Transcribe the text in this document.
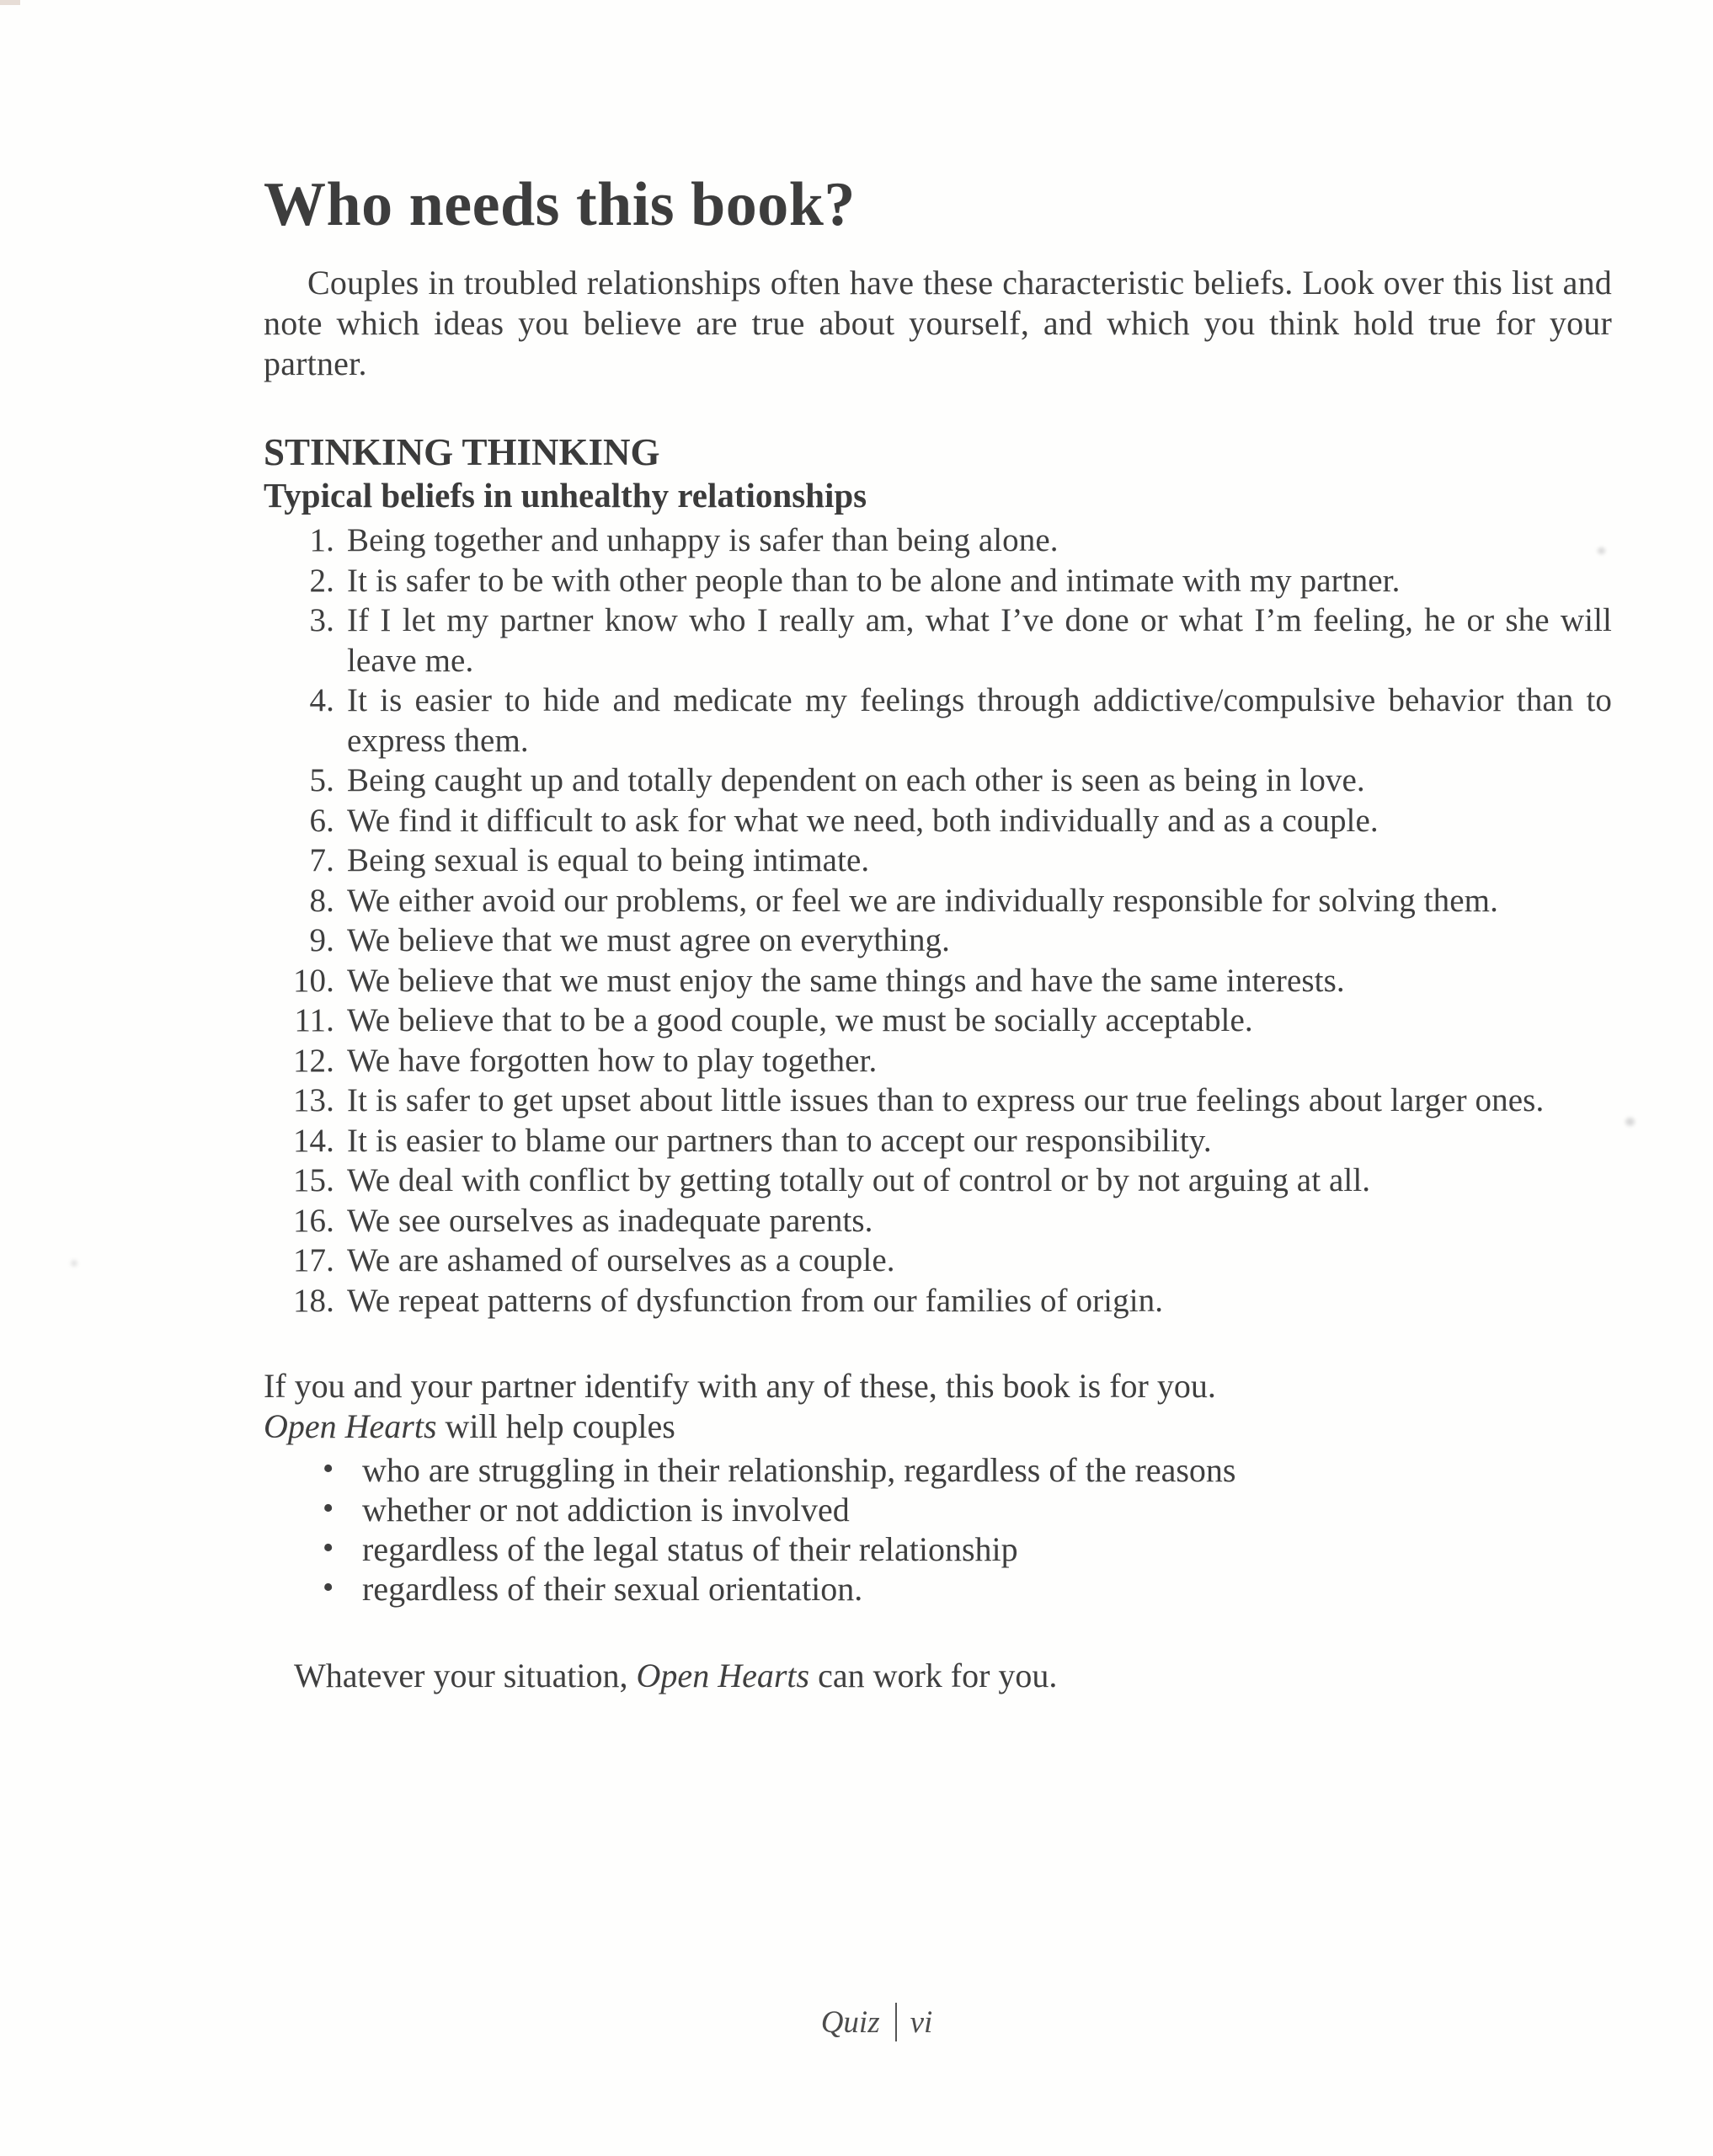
Who needs this book?

Couples in troubled relationships often have these characteristic beliefs. Look over this list and note which ideas you believe are true about yourself, and which you think hold true for your partner.

STINKING THINKING
Typical beliefs in unhealthy relationships
Being together and unhappy is safer than being alone.
It is safer to be with other people than to be alone and intimate with my partner.
If I let my partner know who I really am, what I’ve done or what I’m feeling, he or she will leave me.
It is easier to hide and medicate my feelings through addictive/compulsive behavior than to express them.
Being caught up and totally dependent on each other is seen as being in love.
We find it difficult to ask for what we need, both individually and as a couple.
Being sexual is equal to being intimate.
We either avoid our problems, or feel we are individually responsible for solving them.
We believe that we must agree on everything.
We believe that we must enjoy the same things and have the same interests.
We believe that to be a good couple, we must be socially acceptable.
We have forgotten how to play together.
It is safer to get upset about little issues than to express our true feelings about larger ones.
It is easier to blame our partners than to accept our responsibility.
We deal with conflict by getting totally out of control or by not arguing at all.
We see ourselves as inadequate parents.
We are ashamed of ourselves as a couple.
We repeat patterns of dysfunction from our families of origin.

If you and your partner identify with any of these, this book is for you.

Open Hearts will help couples

• who are struggling in their relationship, regardless of the reasons
• whether or not addiction is involved
• regardless of the legal status of their relationship
• regardless of their sexual orientation.

Whatever your situation, Open Hearts can work for you.

Quiz vi
